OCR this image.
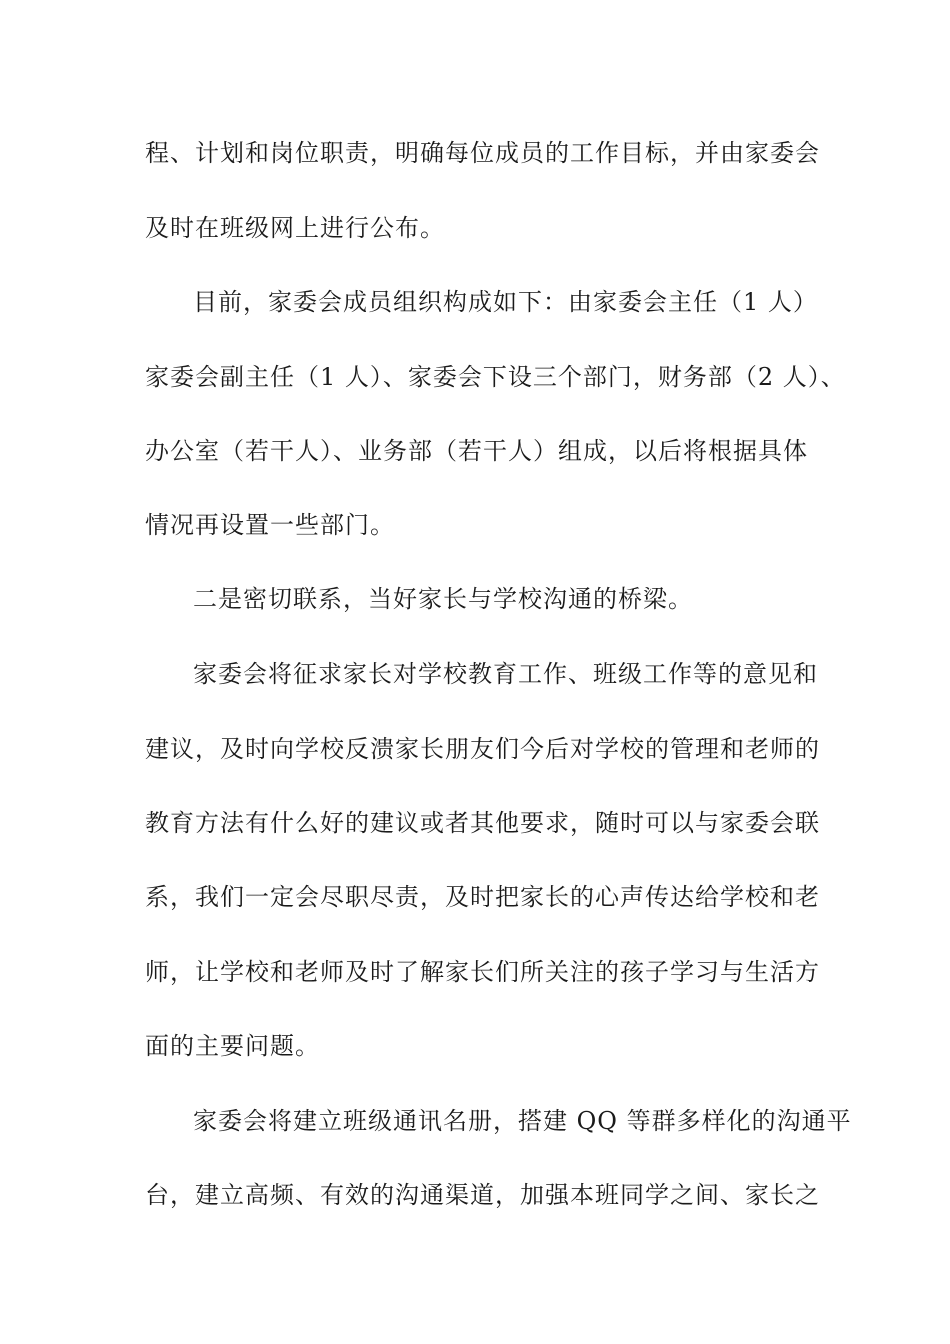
程、计划和岗位职责，明确每位成员的工作目标，并由家委会
及时在班级网上进行公布。
目前，家委会成员组织构成如下：由家委会主任（1 人）
家委会副主任（1 人）、家委会下设三个部门，财务部（2 人）、
办公室（若干人）、业务部（若干人）组成，以后将根据具体
情况再设置一些部门。
二是密切联系，当好家长与学校沟通的桥梁。
家委会将征求家长对学校教育工作、班级工作等的意见和
建议，及时向学校反溃家长朋友们今后对学校的管理和老师的
教育方法有什么好的建议或者其他要求，随时可以与家委会联
系，我们一定会尽职尽责，及时把家长的心声传达给学校和老
师，让学校和老师及时了解家长们所关注的孩子学习与生活方
面的主要问题。
家委会将建立班级通讯名册，搭建 QQ 等群多样化的沟通平
台，建立高频、有效的沟通渠道，加强本班同学之间、家长之
